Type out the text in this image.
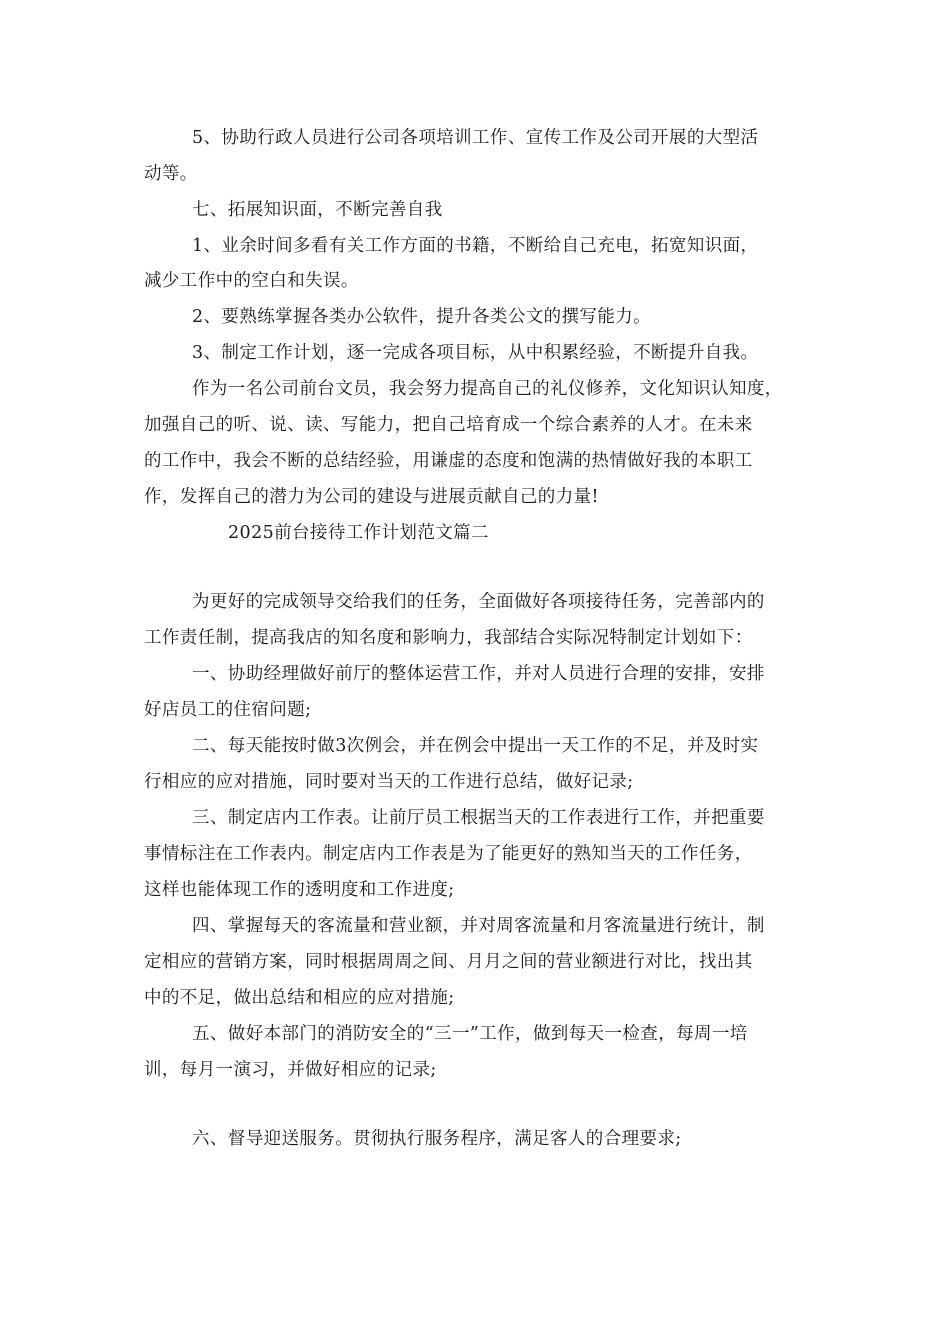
5、协助行政人员进行公司各项培训工作、宣传工作及公司开展的大型活
动等。
七、拓展知识面，不断完善自我
1、业余时间多看有关工作方面的书籍，不断给自己充电，拓宽知识面，
减少工作中的空白和失误。
2、要熟练掌握各类办公软件，提升各类公文的撰写能力。
3、制定工作计划，逐一完成各项目标，从中积累经验，不断提升自我。
作为一名公司前台文员，我会努力提高自己的礼仪修养，文化知识认知度，
加强自己的听、说、读、写能力，把自己培育成一个综合素养的人才。在未来
的工作中，我会不断的总结经验，用谦虚的态度和饱满的热情做好我的本职工
作，发挥自己的潜力为公司的建设与进展贡献自己的力量!
2025前台接待工作计划范文篇二
为更好的完成领导交给我们的任务，全面做好各项接待任务，完善部内的
工作责任制，提高我店的知名度和影响力，我部结合实际况特制定计划如下：
一、协助经理做好前厅的整体运营工作，并对人员进行合理的安排，安排
好店员工的住宿问题;
二、每天能按时做3次例会，并在例会中提出一天工作的不足，并及时实
行相应的应对措施，同时要对当天的工作进行总结，做好记录;
三、制定店内工作表。让前厅员工根据当天的工作表进行工作，并把重要
事情标注在工作表内。制定店内工作表是为了能更好的熟知当天的工作任务，
这样也能体现工作的透明度和工作进度;
四、掌握每天的客流量和营业额，并对周客流量和月客流量进行统计，制
定相应的营销方案，同时根据周周之间、月月之间的营业额进行对比，找出其
中的不足，做出总结和相应的应对措施;
五、做好本部门的消防安全的“三一”工作，做到每天一检查，每周一培
训，每月一演习，并做好相应的记录;
六、督导迎送服务。贯彻执行服务程序，满足客人的合理要求;
